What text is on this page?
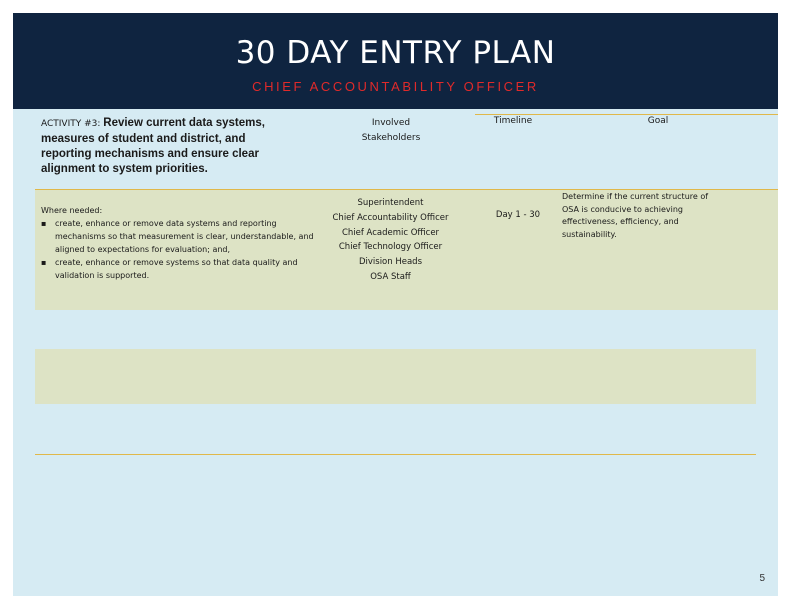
30 DAY ENTRY PLAN

CHIEF ACCOUNTABILITY OFFICER

ACTIVITY #3: Review current data systems, measures of student and district, and reporting mechanisms and ensure clear alignment to system priorities.
Involved Stakeholders
Timeline	Goal
Where needed:
▪ create, enhance or remove data systems and reporting mechanisms so that measurement is clear, understandable, and aligned to expectations for evaluation; and,
▪ create, enhance or remove systems so that data quality and validation is supported.
Superintendent
Chief Accountability Officer
Chief Academic Officer
Chief Technology Officer
Division Heads
OSA Staff
Day 1 - 30
Determine if the current structure of OSA is conducive to achieving effectiveness, efficiency, and sustainability.
5
